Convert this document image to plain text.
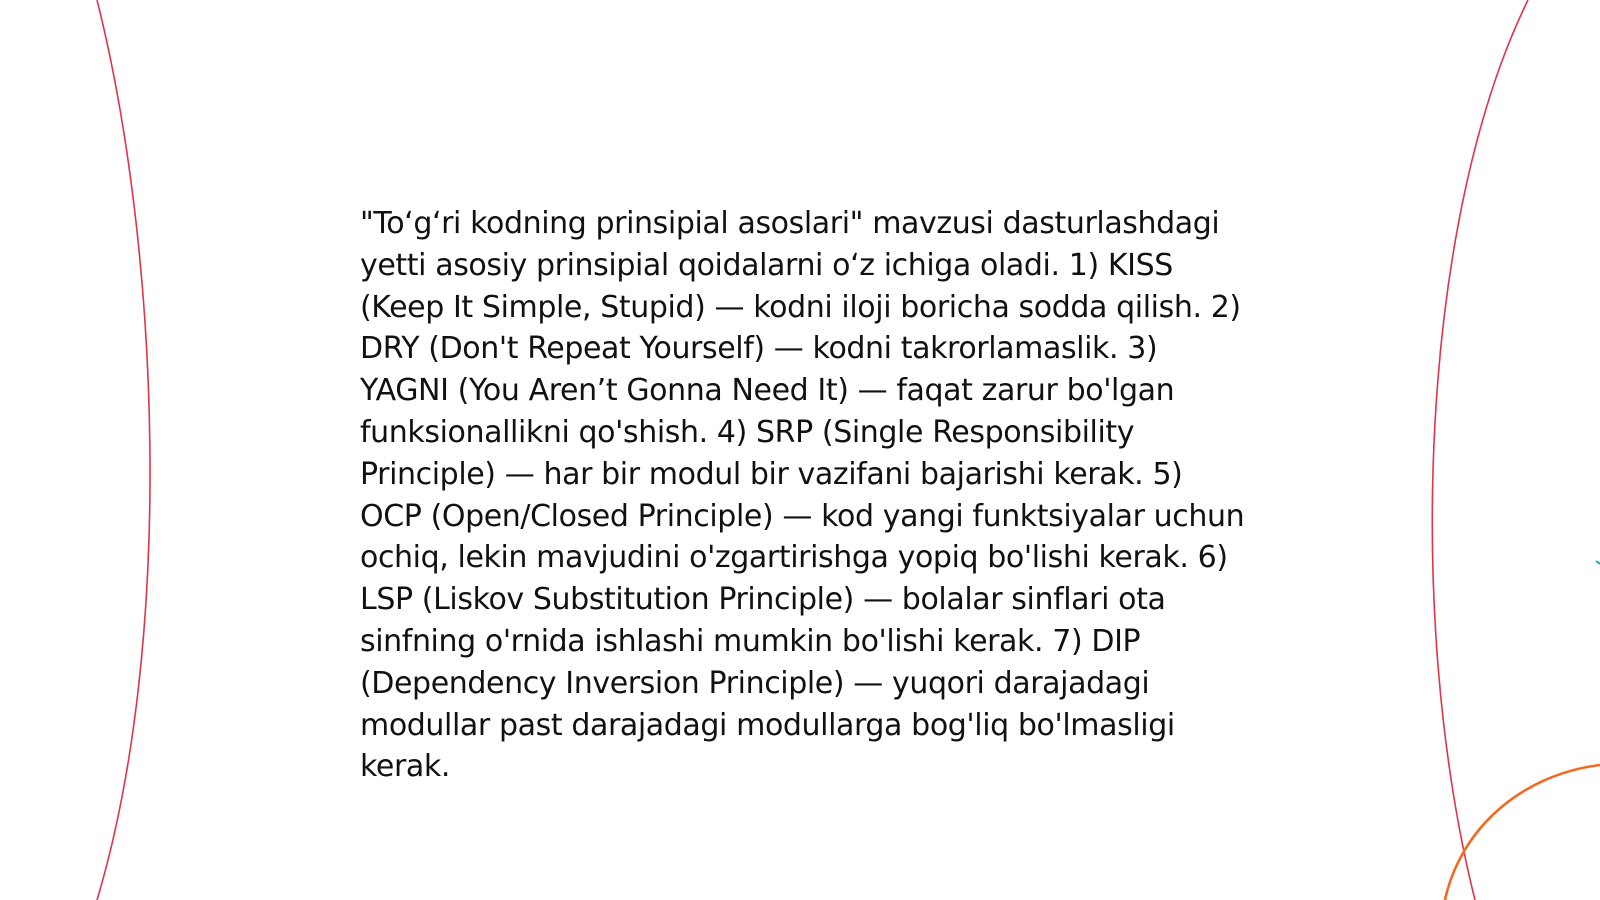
"To‘g‘ri kodning prinsipial asoslari" mavzusi dasturlashdagi yetti asosiy prinsipial qoidalarni o‘z ichiga oladi. 1) KISS (Keep It Simple, Stupid) — kodni iloji boricha sodda qilish. 2) DRY (Don't Repeat Yourself) — kodni takrorlamaslik. 3) YAGNI (You Aren’t Gonna Need It) — faqat zarur bo'lgan funksionallikni qo'shish. 4) SRP (Single Responsibility Principle) — har bir modul bir vazifani bajarishi kerak. 5) OCP (Open/Closed Principle) — kod yangi funktsiyalar uchun ochiq, lekin mavjudini o'zgartirishga yopiq bo'lishi kerak. 6) LSP (Liskov Substitution Principle) — bolalar sinflari ota sinfning o'rnida ishlashi mumkin bo'lishi kerak. 7) DIP (Dependency Inversion Principle) — yuqori darajadagi modullar past darajadagi modullarga bog'liq bo'lmasligi kerak.
